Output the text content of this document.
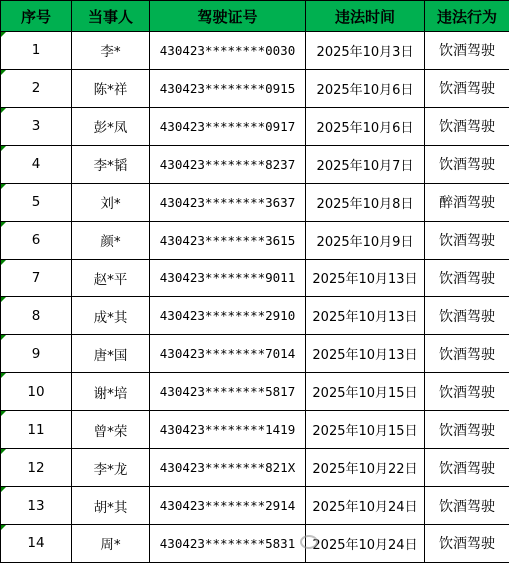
序号	当事人	驾驶证号	违法时间	违法行为
1	李*	430423********0030	2025年10月3日	饮酒驾驶
2	陈*祥	430423********0915	2025年10月6日	饮酒驾驶
3	彭*凤	430423********0917	2025年10月6日	饮酒驾驶
4	李*韬	430423********8237	2025年10月7日	饮酒驾驶
5	刘*	430423********3637	2025年10月8日	醉酒驾驶
6	颜*	430423********3615	2025年10月9日	饮酒驾驶
7	赵*平	430423********9011	2025年10月13日	饮酒驾驶
8	成*其	430423********2910	2025年10月13日	饮酒驾驶
9	唐*国	430423********7014	2025年10月13日	饮酒驾驶
10	谢*培	430423********5817	2025年10月15日	饮酒驾驶
11	曾*荣	430423********1419	2025年10月15日	饮酒驾驶
12	李*龙	430423********821X	2025年10月22日	饮酒驾驶
13	胡*其	430423********2914	2025年10月24日	饮酒驾驶
14	周*	430423********5831	2025年10月24日	饮酒驾驶
